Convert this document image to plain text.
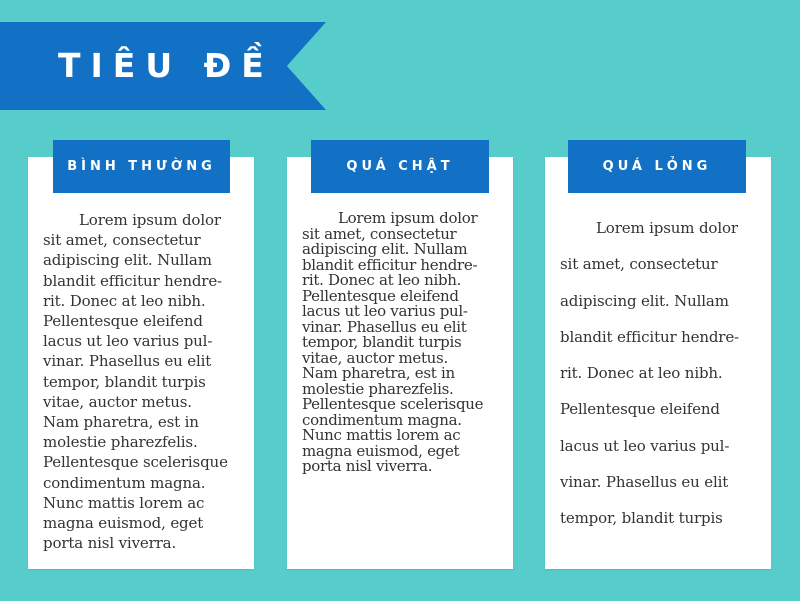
TIÊU ĐỀ
BÌNH THƯỜNG
Lorem ipsum dolor
sit amet, consectetur
adipiscing elit. Nullam
blandit efficitur hendre-
rit. Donec at leo nibh.
Pellentesque eleifend
lacus ut leo varius pul-
vinar. Phasellus eu elit
tempor, blandit turpis
vitae, auctor metus.
Nam pharetra, est in
molestie pharezfelis.
Pellentesque scelerisque
condimentum magna.
Nunc mattis lorem ac
magna euismod, eget
porta nisl viverra.
QUÁ CHẬT
Lorem ipsum dolor
sit amet, consectetur
adipiscing elit. Nullam
blandit efficitur hendre-
rit. Donec at leo nibh.
Pellentesque eleifend
lacus ut leo varius pul-
vinar. Phasellus eu elit
tempor, blandit turpis
vitae, auctor metus.
Nam pharetra, est in
molestie pharezfelis.
Pellentesque scelerisque
condimentum magna.
Nunc mattis lorem ac
magna euismod, eget
porta nisl viverra.
QUÁ LỎNG
Lorem ipsum dolor
sit amet, consectetur
adipiscing elit. Nullam
blandit efficitur hendre-
rit. Donec at leo nibh.
Pellentesque eleifend
lacus ut leo varius pul-
vinar. Phasellus eu elit
tempor, blandit turpis
